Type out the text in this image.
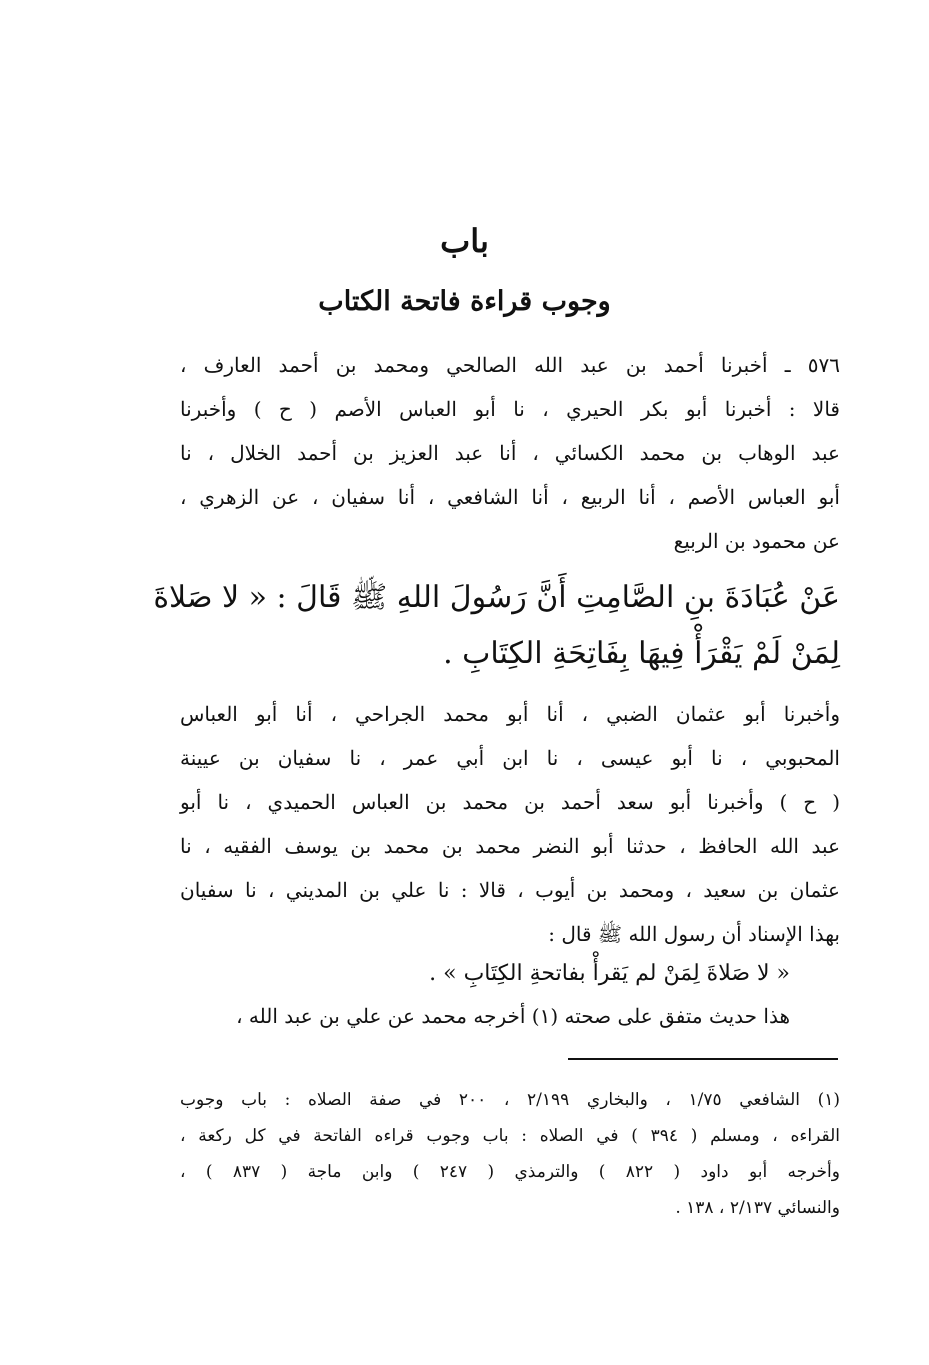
باب
وجوب قراءة فاتحة الكتاب
٥٧٦ ـ أخبرنا أحمد بن عبد الله الصالحي ومحمد بن أحمد العارف ،
قالا : أخبرنا أبو بكر الحيري ، نا أبو العباس الأصم ( ح ) وأخبرنا
عبد الوهاب بن محمد الكسائي ، أنا عبد العزيز بن أحمد الخلال ، نا
أبو العباس الأصم ، أنا الربيع ، أنا الشافعي ، أنا سفيان ، عن الزهري ،
عن محمود بن الربيع
عَنْ عُبَادَةَ بنِ الصَّامِتِ أَنَّ رَسُولَ اللهِ ﷺ قَالَ : « لا صَلاةَ
لِمَنْ لَمْ يَقْرَأْ فِيهَا بِفَاتِحَةِ الكِتَابِ .
وأخبرنا أبو عثمان الضبي ، أنا أبو محمد الجراحي ، أنا أبو العباس
المحبوبي ، نا أبو عيسى ، نا ابن أبي عمر ، نا سفيان بن عيينة
( ح ) وأخبرنا أبو سعد أحمد بن محمد بن العباس الحميدي ، نا أبو
عبد الله الحافظ ، حدثنا أبو النضر محمد بن محمد بن يوسف الفقيه ، نا
عثمان بن سعيد ، ومحمد بن أيوب ، قالا : نا علي بن المديني ، نا سفيان
بهذا الإسناد أن رسول الله ﷺ قال :
« لا صَلاةَ لِمَنْ لم يَقرأْ بفاتحةِ الكِتَابِ » .
هذا حديث متفق على صحته (١) أخرجه محمد عن علي بن عبد الله ،
(١) الشافعي ١/٧٥ ، والبخاري ٢/١٩٩ ، ٢٠٠ في صفة الصلاه : باب وجوب
القراءه ، ومسلم ( ٣٩٤ ) في الصلاه : باب وجوب قراءه الفاتحة في كل ركعة ،
وأخرجه أبو داود ( ٨٢٢ ) والترمذي ( ٢٤٧ ) وابن ماجة ( ٨٣٧ ) ،
والنسائي ٢/١٣٧ ، ١٣٨ .
